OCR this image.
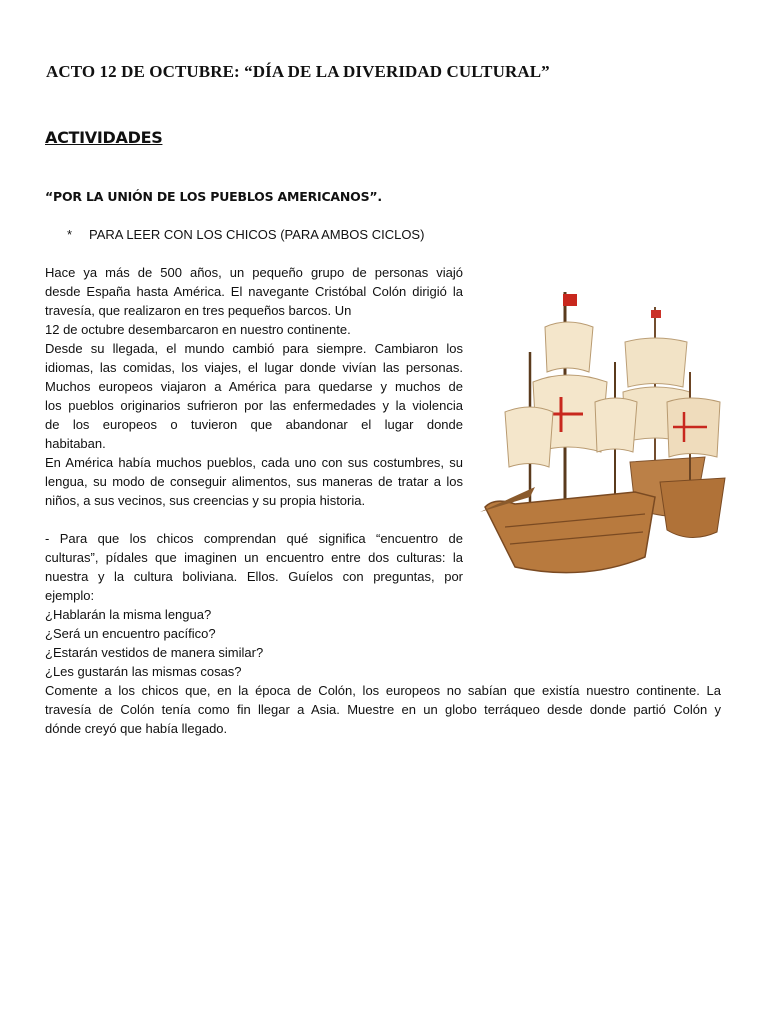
ACTO 12 DE OCTUBRE: “DÍA DE LA DIVERIDAD CULTURAL”
ACTIVIDADES
“POR LA UNIÓN DE LOS PUEBLOS AMERICANOS”.
* PARA LEER CON LOS CHICOS (PARA AMBOS CICLOS)
Hace ya más de 500 años, un pequeño grupo de personas viajó
desde España hasta América. El navegante Cristóbal Colón dirigió la
travesía, que realizaron en tres pequeños barcos. Un
12 de octubre desembarcaron en nuestro continente.
Desde su llegada, el mundo cambió para siempre. Cambiaron los
idiomas, las comidas, los viajes, el lugar donde vivían las personas.
Muchos europeos viajaron a América para quedarse y muchos de
los pueblos originarios sufrieron por las enfermedades y la violencia
de los europeos o tuvieron que abandonar el lugar donde
habitaban.
En América había muchos pueblos, cada uno con sus costumbres, su
lengua, su modo de conseguir alimentos, sus maneras de tratar a los
niños, a sus vecinos, sus creencias y su propia historia.
- Para que los chicos comprendan qué significa “encuentro de
culturas”, pídales que imaginen un encuentro entre dos culturas: la
nuestra y la cultura boliviana. Ellos. Guíelos con preguntas, por
ejemplo:
¿Hablarán la misma lengua?
¿Será un encuentro pacífico?
¿Estarán vestidos de manera similar?
¿Les gustarán las mismas cosas?
Comente a los chicos que, en la época de Colón, los europeos no sabían que existía nuestro continente. La
travesía de Colón tenía como fin llegar a Asia. Muestre en un globo terráqueo desde donde partió Colón y
dónde creyó que había llegado.
